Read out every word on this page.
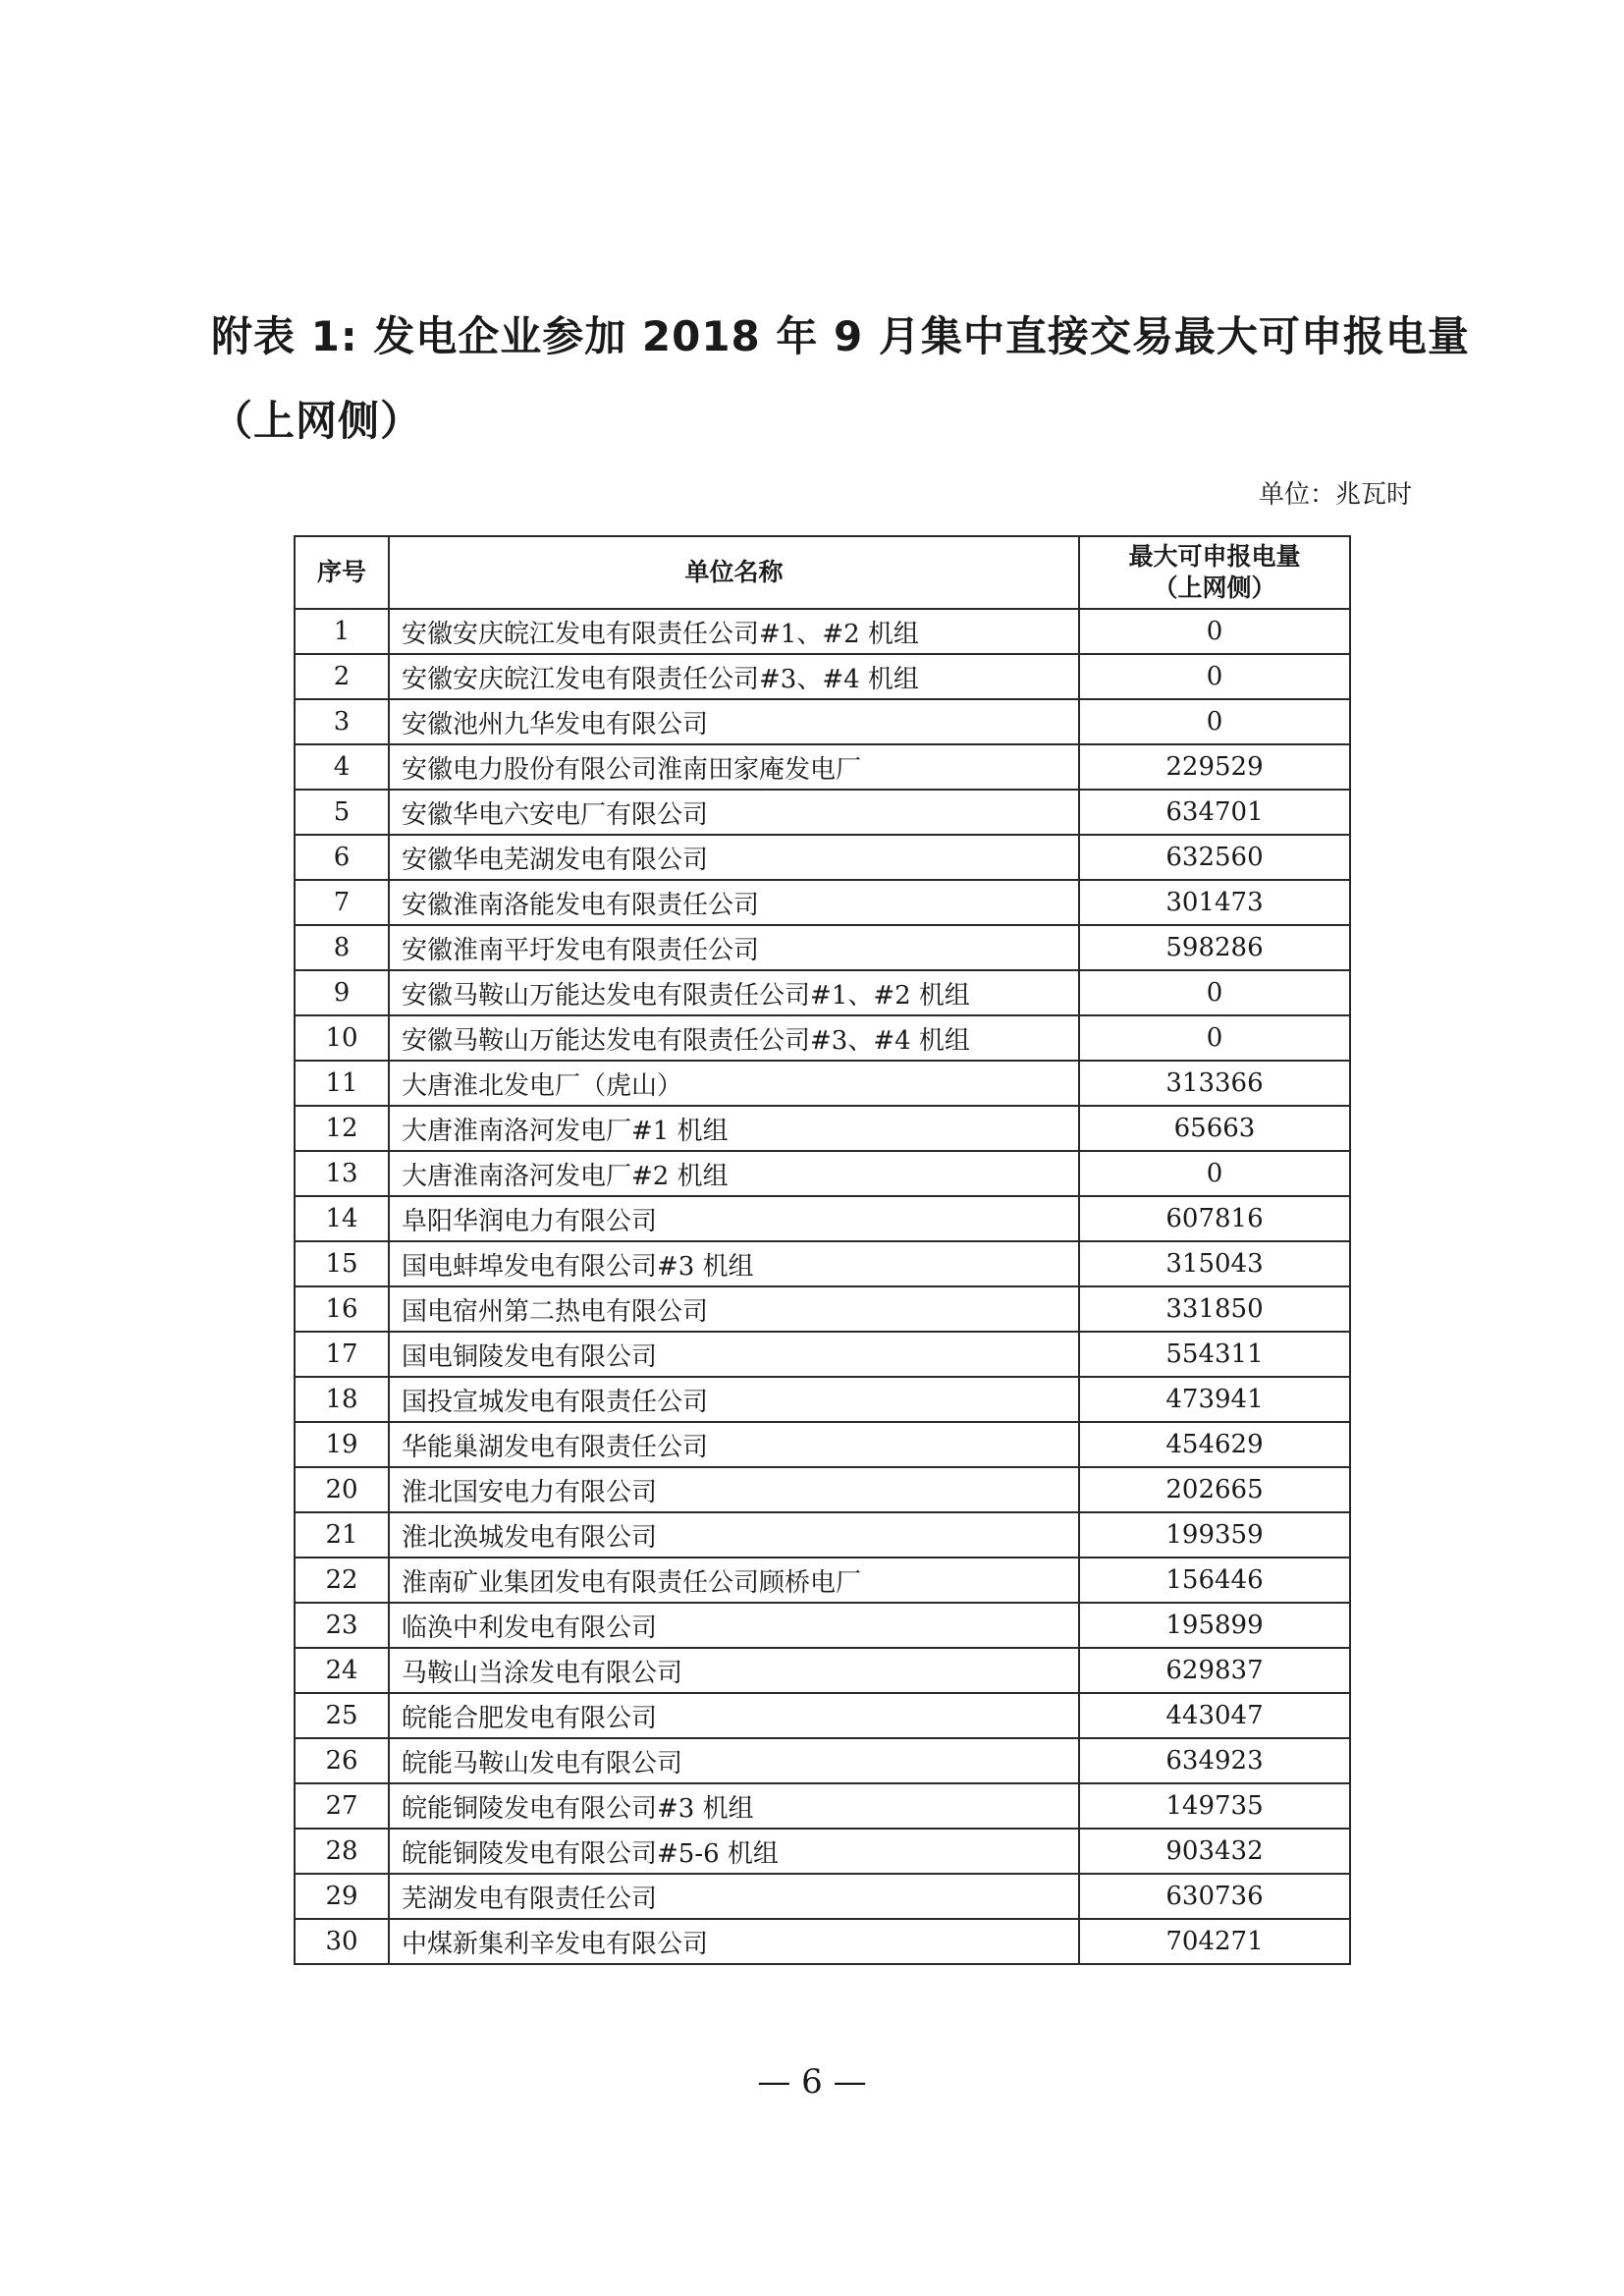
附表 1: 发电企业参加 2018 年 9 月集中直接交易最大可申报电量
（上网侧）
单位：兆瓦时
序号	单位名称	最大可申报电量
（上网侧）

1	安徽安庆皖江发电有限责任公司#1、#2 机组	0
2	安徽安庆皖江发电有限责任公司#3、#4 机组	0
3	安徽池州九华发电有限公司	0
4	安徽电力股份有限公司淮南田家庵发电厂	229529
5	安徽华电六安电厂有限公司	634701
6	安徽华电芜湖发电有限公司	632560
7	安徽淮南洛能发电有限责任公司	301473
8	安徽淮南平圩发电有限责任公司	598286
9	安徽马鞍山万能达发电有限责任公司#1、#2 机组	0
10	安徽马鞍山万能达发电有限责任公司#3、#4 机组	0
11	大唐淮北发电厂（虎山）	313366
12	大唐淮南洛河发电厂#1 机组	65663
13	大唐淮南洛河发电厂#2 机组	0
14	阜阳华润电力有限公司	607816
15	国电蚌埠发电有限公司#3 机组	315043
16	国电宿州第二热电有限公司	331850
17	国电铜陵发电有限公司	554311
18	国投宣城发电有限责任公司	473941
19	华能巢湖发电有限责任公司	454629
20	淮北国安电力有限公司	202665
21	淮北涣城发电有限公司	199359
22	淮南矿业集团发电有限责任公司顾桥电厂	156446
23	临涣中利发电有限公司	195899
24	马鞍山当涂发电有限公司	629837
25	皖能合肥发电有限公司	443047
26	皖能马鞍山发电有限公司	634923
27	皖能铜陵发电有限公司#3 机组	149735
28	皖能铜陵发电有限公司#5-6 机组	903432
29	芜湖发电有限责任公司	630736
30	中煤新集利辛发电有限公司	704271
— 6 —
